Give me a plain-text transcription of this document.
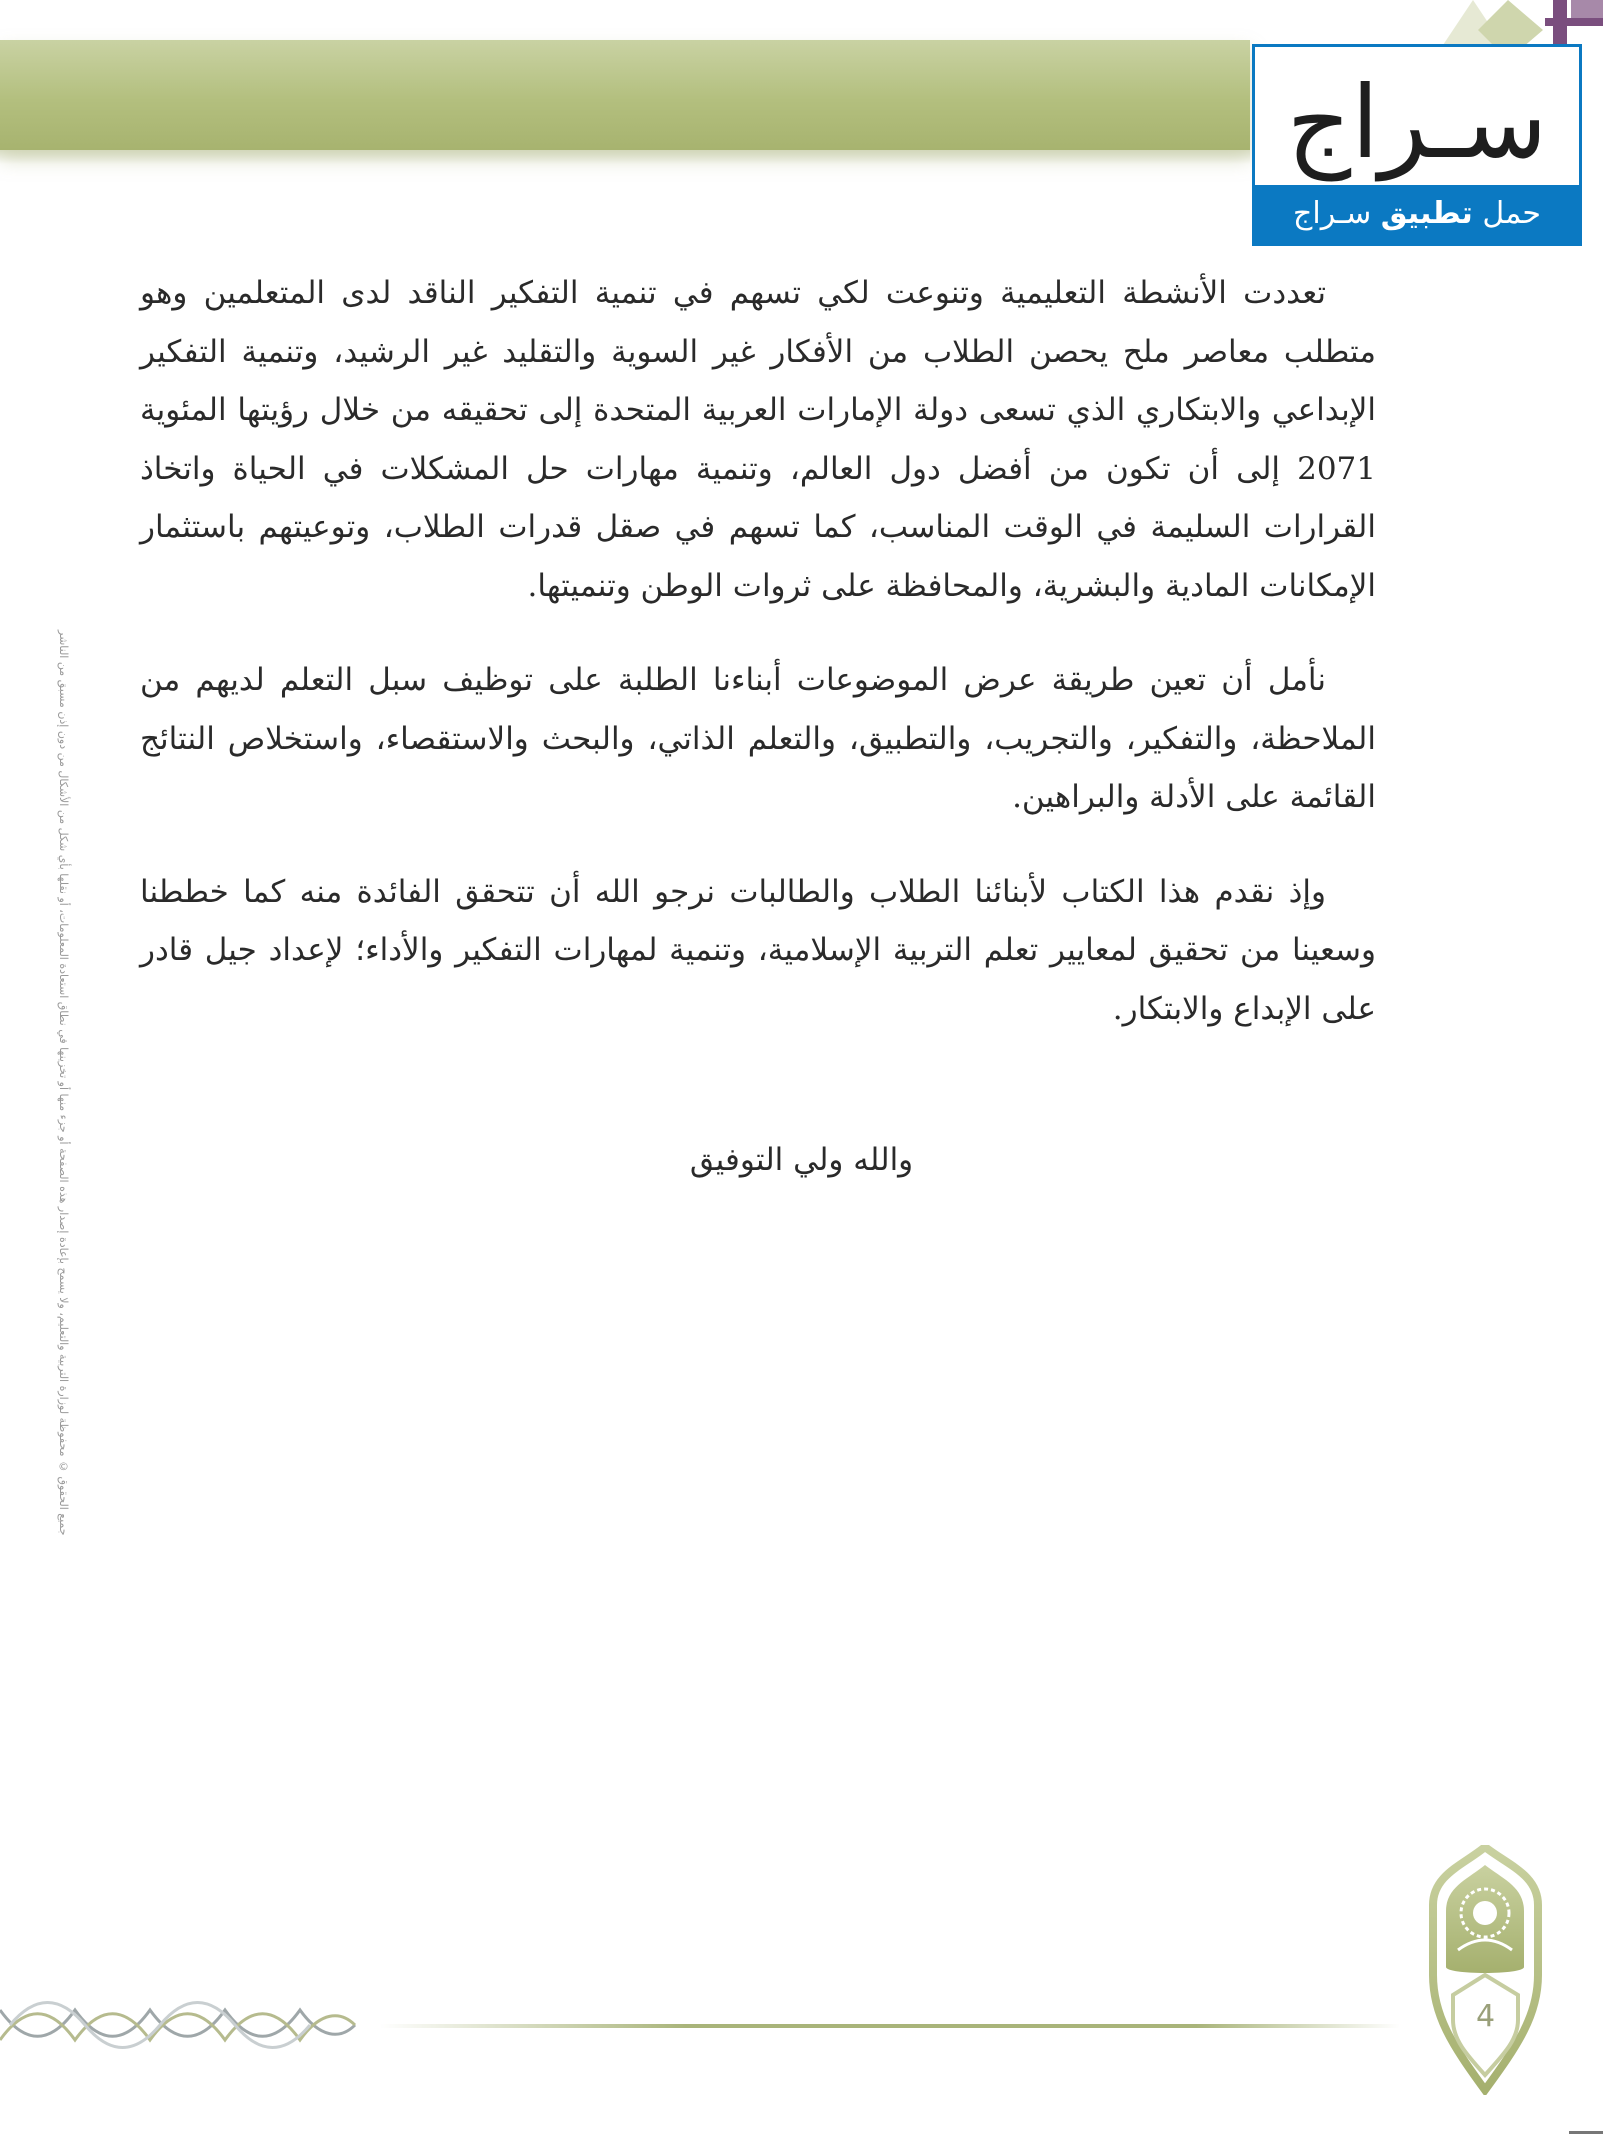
سـراج
حمل تطبيق سـراج
جميع الحقوق © محفوظة لوزارة التربية والتعليم، ولا يسمح بإعادة إصدار هذه الصفحة أو جزء منها أو تخزينها في نطاق استعادة المعلومات، أو نقلها بأي شكل من الأشكال من دون إذن مسبق من الناشر

تعددت الأنشطة التعليمية وتنوعت لكي تسهم في تنمية التفكير الناقد لدى المتعلمين وهو متطلب معاصر ملح يحصن الطلاب من الأفكار غير السوية والتقليد غير الرشيد، وتنمية التفكير الإبداعي والابتكاري الذي تسعى دولة الإمارات العربية المتحدة إلى تحقيقه من خلال رؤيتها المئوية 2071 إلى أن تكون من أفضل دول العالم، وتنمية مهارات حل المشكلات في الحياة واتخاذ القرارات السليمة في الوقت المناسب، كما تسهم في صقل قدرات الطلاب، وتوعيتهم باستثمار الإمكانات المادية والبشرية، والمحافظة على ثروات الوطن وتنميتها.

نأمل أن تعين طريقة عرض الموضوعات أبناءنا الطلبة على توظيف سبل التعلم لديهم من الملاحظة، والتفكير، والتجريب، والتطبيق، والتعلم الذاتي، والبحث والاستقصاء، واستخلاص النتائج القائمة على الأدلة والبراهين.

وإذ نقدم هذا الكتاب لأبنائنا الطلاب والطالبات نرجو الله أن تتحقق الفائدة منه كما خططنا وسعينا من تحقيق لمعايير تعلم التربية الإسلامية، وتنمية لمهارات التفكير والأداء؛ لإعداد جيل قادر على الإبداع والابتكار.

والله ولي التوفيق
4
